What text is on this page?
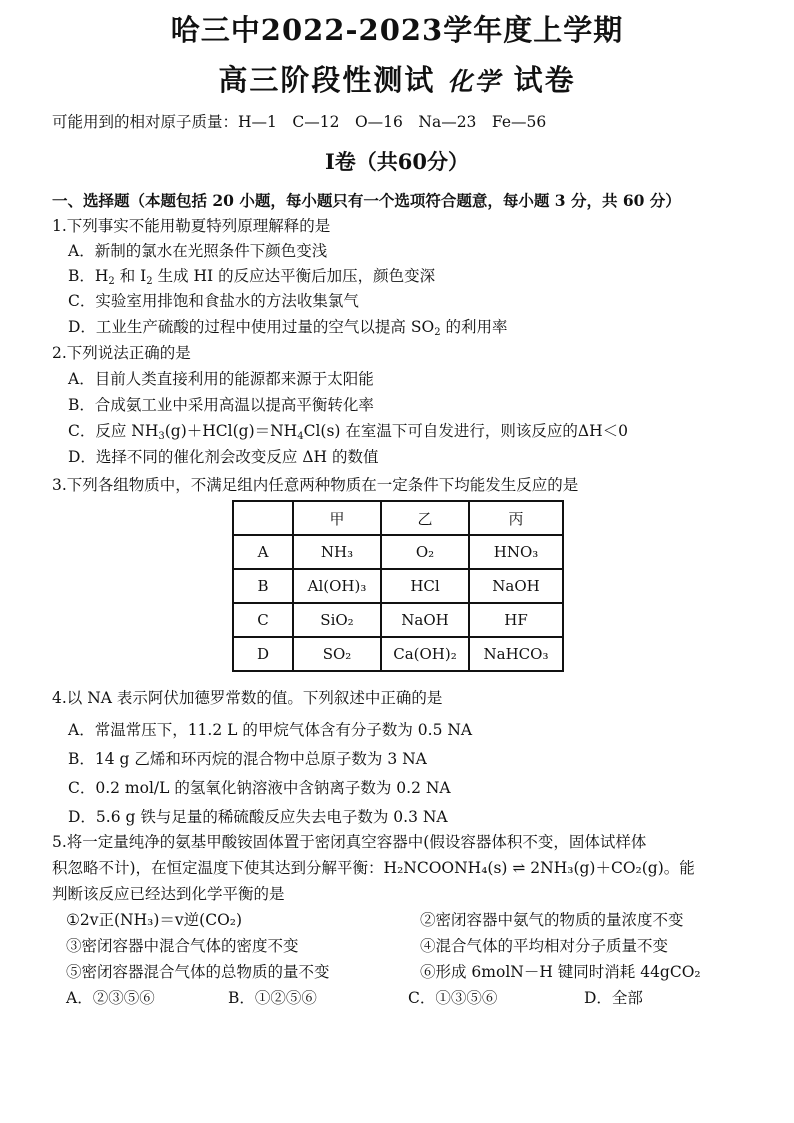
哈三中2022-2023学年度上学期
高三阶段性测试 化学 试卷
可能用到的相对原子质量：H—1　C—12　O—16　Na—23　Fe—56
Ⅰ卷（共60分）
一、选择题（本题包括 20 小题，每小题只有一个选项符合题意，每小题 3 分，共 60 分）
1.下列事实不能用勒夏特列原理解释的是
A．新制的氯水在光照条件下颜色变浅
B．$H_2$ 和 $I_2$ 生成 HI 的反应达平衡后加压，颜色变深
C．实验室用排饱和食盐水的方法收集氯气
D．工业生产硫酸的过程中使用过量的空气以提高 $SO_2$ 的利用率
2.下列说法正确的是
A．目前人类直接利用的能源都来源于太阳能
B．合成氨工业中采用高温以提高平衡转化率
C．反应 $NH_3(g)+HCl(g)=NH_4Cl(s)$ 在室温下可自发进行，则该反应的ΔH＜0
D．选择不同的催化剂会改变反应 ΔH 的数值
3.下列各组物质中，不满足组内任意两种物质在一定条件下均能发生反应的是
	甲	乙	丙
A	NH₃	O₂	HNO₃
B	Al(OH)₃	HCl	NaOH
C	SiO₂	NaOH	HF
D	SO₂	Ca(OH)₂	NaHCO₃
4.以 NA 表示阿伏加德罗常数的值。下列叙述中正确的是
A．常温常压下，11.2 L 的甲烷气体含有分子数为 0.5 NA
B．14 g 乙烯和环丙烷的混合物中总原子数为 3 NA
C．0.2 mol/L 的氢氧化钠溶液中含钠离子数为 0.2 NA
D．5.6 g 铁与足量的稀硫酸反应失去电子数为 0.3 NA
5.将一定量纯净的氨基甲酸铵固体置于密闭真空容器中(假设容器体积不变，固体试样体
积忽略不计)，在恒定温度下使其达到分解平衡：H₂NCOONH₄(s) ⇌ 2NH₃(g)＋CO₂(g)。能
判断该反应已经达到化学平衡的是
①2v正(NH₃)＝v逆(CO₂)	②密闭容器中氨气的物质的量浓度不变
③密闭容器中混合气体的密度不变	④混合气体的平均相对分子质量不变
⑤密闭容器混合气体的总物质的量不变	⑥形成 6molN－H 键同时消耗 44gCO₂
A．②③⑤⑥	B．①②⑤⑥	C．①③⑤⑥	D．全部
